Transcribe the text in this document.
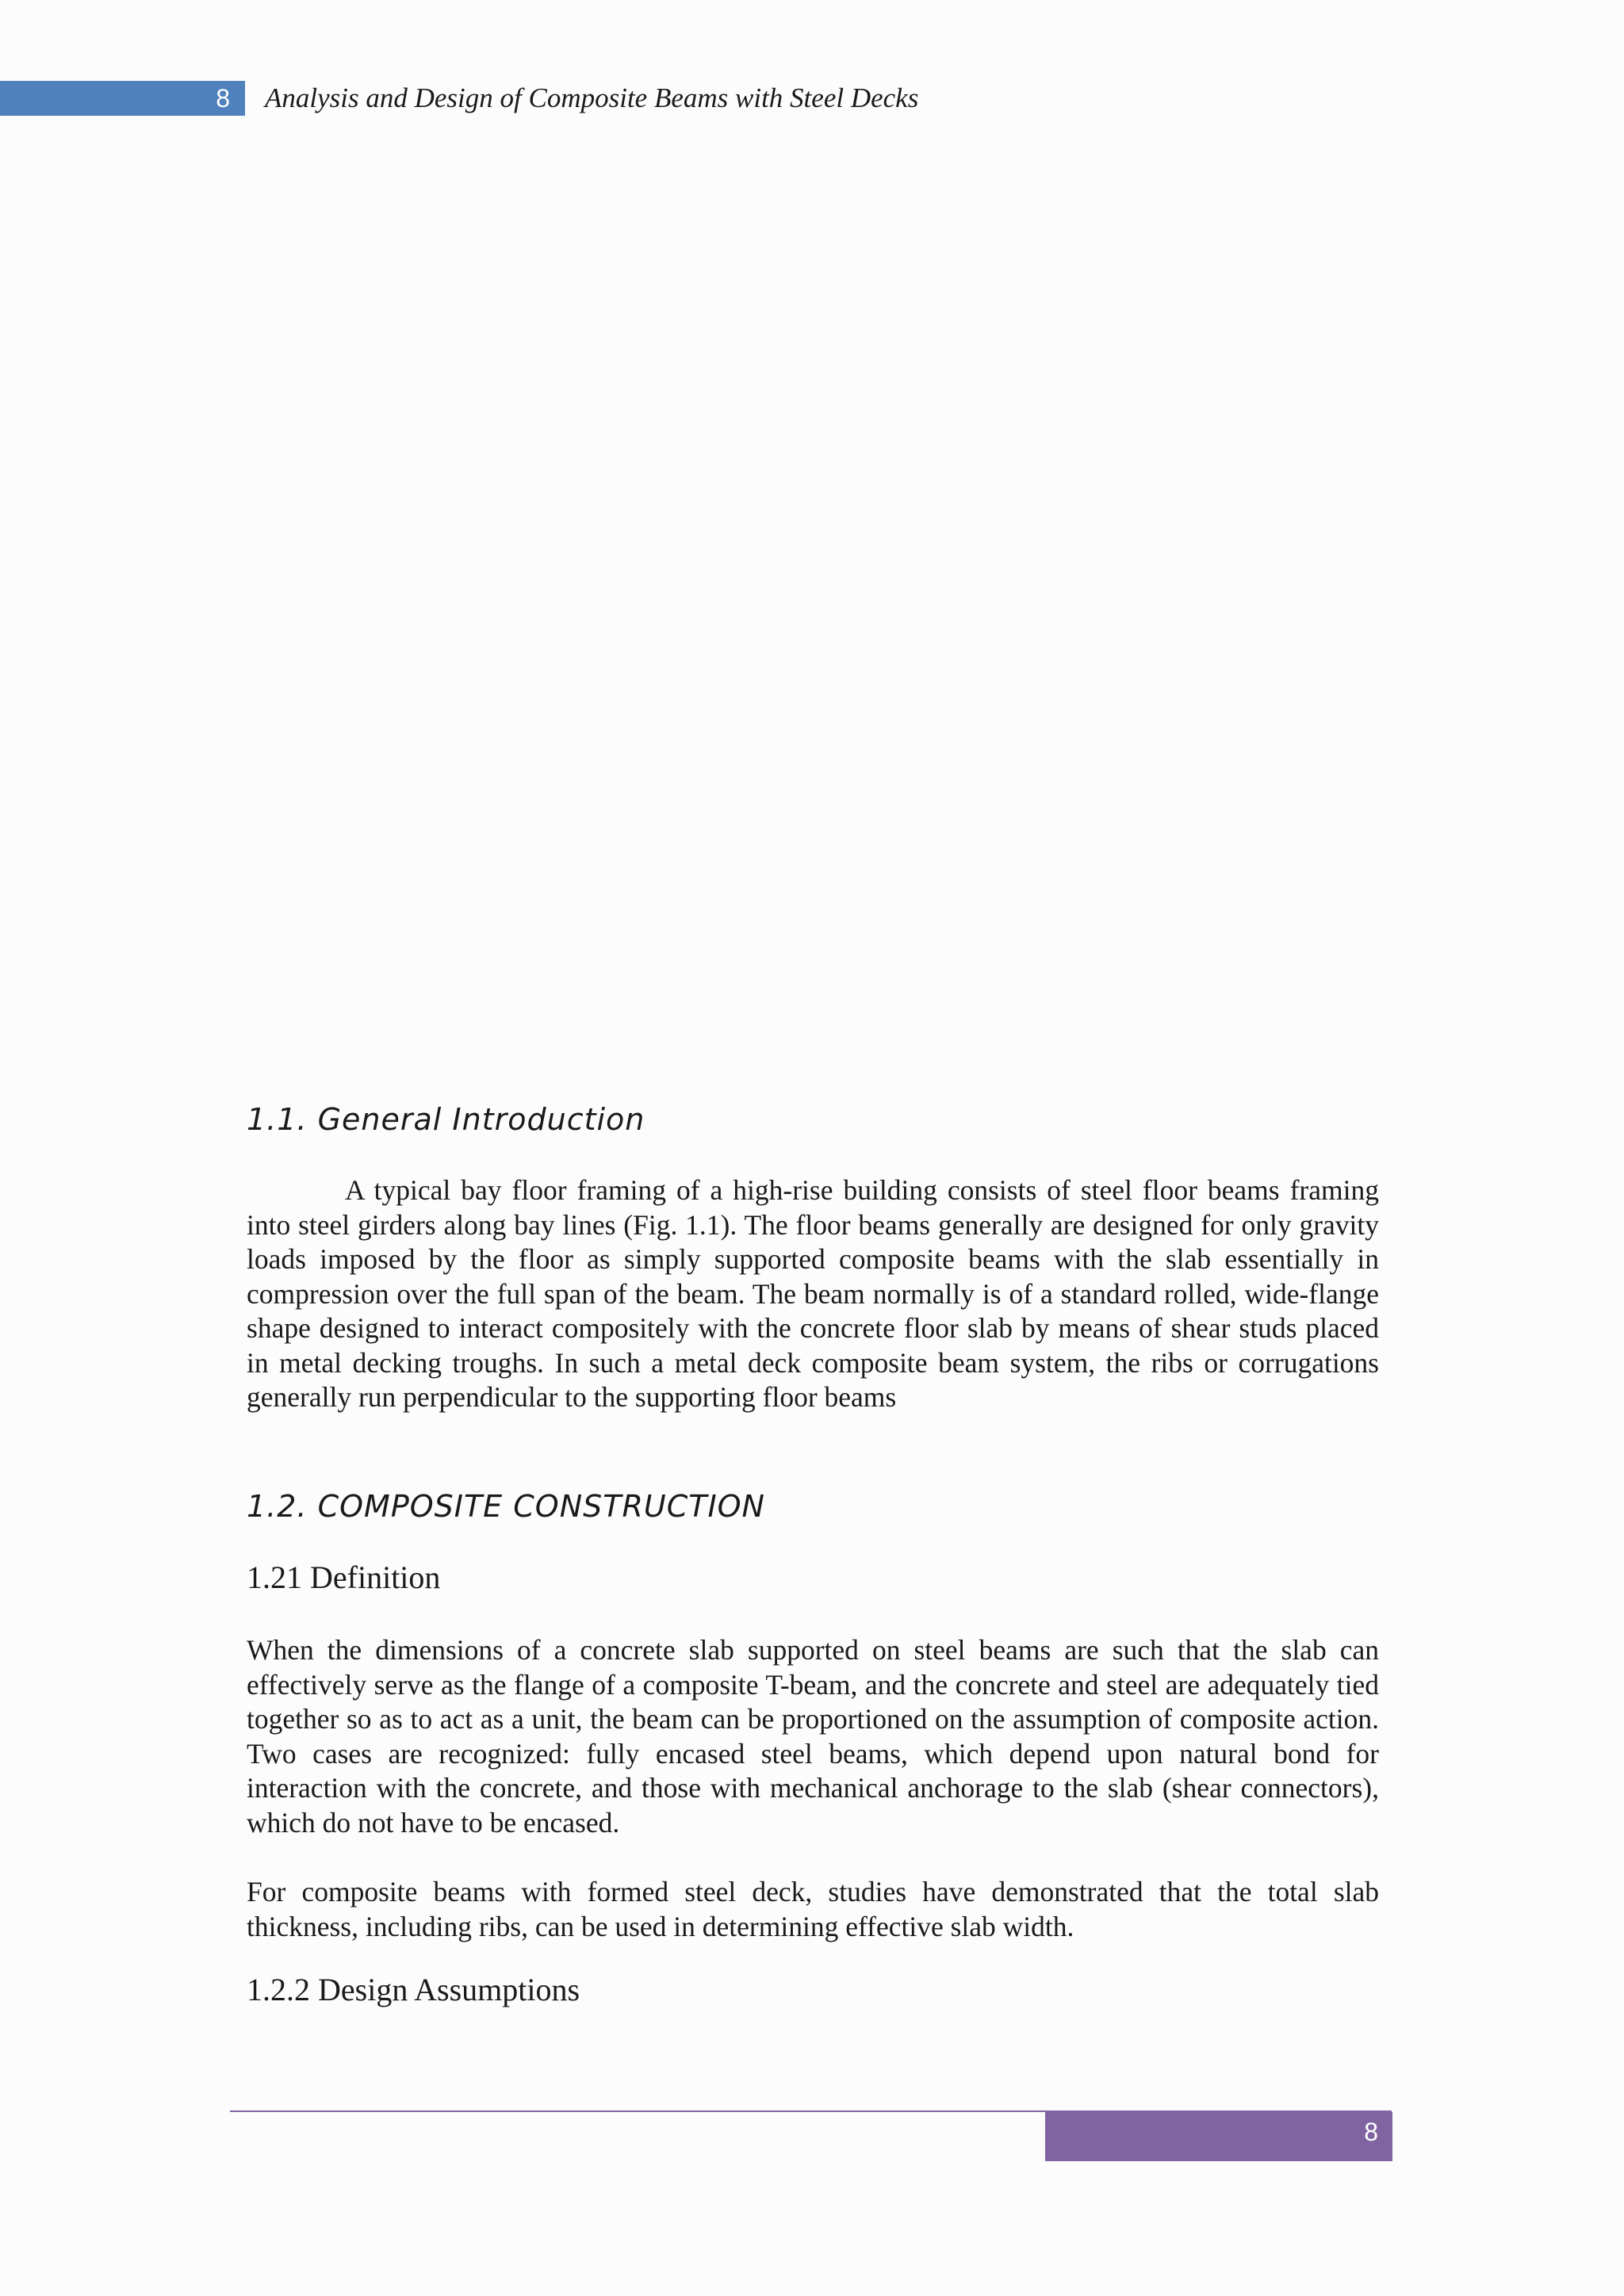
8 Analysis and Design of Composite Beams with Steel Decks
1.1. General Introduction

A typical bay floor framing of a high-rise building consists of steel floor beams framing into steel girders along bay lines (Fig. 1.1). The floor beams generally are designed for only gravity loads imposed by the floor as simply supported composite beams with the slab essentially in compression over the full span of the beam. The beam normally is of a standard rolled, wide-flange shape designed to interact compositely with the concrete floor slab by means of shear studs placed in metal decking troughs. In such a metal deck composite beam system, the ribs or corrugations generally run perpendicular to the supporting floor beams

1.2. COMPOSITE CONSTRUCTION
1.21 Definition

When the dimensions of a concrete slab supported on steel beams are such that the slab can effectively serve as the flange of a composite T-beam, and the concrete and steel are adequately tied together so as to act as a unit, the beam can be proportioned on the assumption of composite action. Two cases are recognized: fully encased steel beams, which depend upon natural bond for interaction with the concrete, and those with mechanical anchorage to the slab (shear connectors), which do not have to be encased.

For composite beams with formed steel deck, studies have demonstrated that the total slab thickness, including ribs, can be used in determining effective slab width.

1.2.2 Design Assumptions
8
